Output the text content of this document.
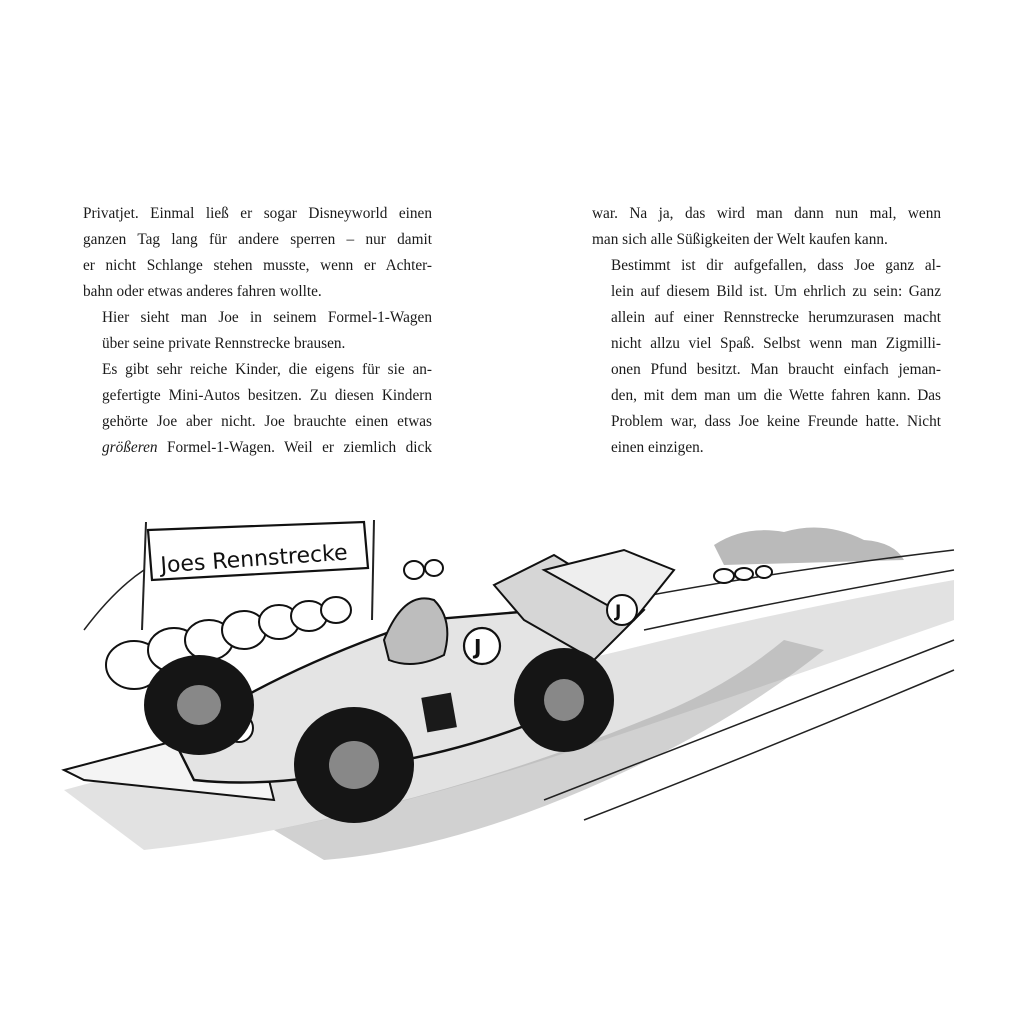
Privatjet. Einmal ließ er sogar Disneyworld einen
ganzen Tag lang für andere sperren – nur damit
er nicht Schlange stehen musste, wenn er Achter-
bahn oder etwas anderes fahren wollte.

Hier sieht man Joe in seinem Formel-1-Wagen
über seine private Rennstrecke brausen.

Es gibt sehr reiche Kinder, die eigens für sie an-
gefertigte Mini-Autos besitzen. Zu diesen Kindern
gehörte Joe aber nicht. Joe brauchte einen etwas
größeren Formel-1-Wagen. Weil er ziemlich dick

war. Na ja, das wird man dann nun mal, wenn
man sich alle Süßigkeiten der Welt kaufen kann.

Bestimmt ist dir aufgefallen, dass Joe ganz al-
lein auf diesem Bild ist. Um ehrlich zu sein: Ganz
allein auf einer Rennstrecke herumzurasen macht
nicht allzu viel Spaß. Selbst wenn man Zigmilli-
onen Pfund besitzt. Man braucht einfach jeman-
den, mit dem man um die Wette fahren kann. Das
Problem war, dass Joe keine Freunde hatte. Nicht
einen einzigen.

Joes Rennstrecke
J
J
